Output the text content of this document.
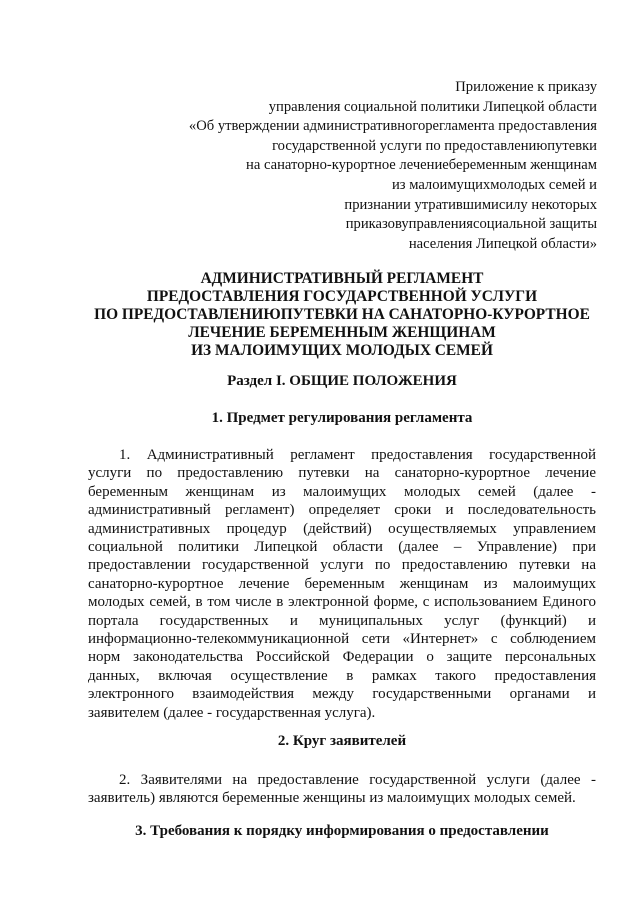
Приложение к приказу
управления социальной политики Липецкой области
«Об утверждении административногорегламента предоставления
государственной услуги по предоставлениюпутевки
на санаторно-курортное лечениебеременным женщинам
из малоимущихмолодых семей и
признании утратившимисилу некоторых
приказовуправлениясоциальной защиты
населения Липецкой области»
АДМИНИСТРАТИВНЫЙ РЕГЛАМЕНТ
ПРЕДОСТАВЛЕНИЯ ГОСУДАРСТВЕННОЙ УСЛУГИ
ПО ПРЕДОСТАВЛЕНИЮПУТЕВКИ НА САНАТОРНО-КУРОРТНОЕ
ЛЕЧЕНИЕ БЕРЕМЕННЫМ ЖЕНЩИНАМ
ИЗ МАЛОИМУЩИХ МОЛОДЫХ СЕМЕЙ
Раздел I. ОБЩИЕ ПОЛОЖЕНИЯ
1. Предмет регулирования регламента
1. Административный регламент предоставления государственной
услуги по предоставлению путевки на санаторно-курортное лечение
беременным женщинам из малоимущих молодых семей (далее -
административный регламент) определяет сроки и последовательность
административных процедур (действий) осуществляемых управлением
социальной политики Липецкой области (далее – Управление) при
предоставлении государственной услуги по предоставлению путевки на
санаторно-курортное лечение беременным женщинам из малоимущих
молодых семей, в том числе в электронной форме, с использованием Единого
портала государственных и муниципальных услуг (функций) и
информационно-телекоммуникационной сети «Интернет» с соблюдением
норм законодательства Российской Федерации о защите персональных
данных, включая осуществление в рамках такого предоставления
электронного взаимодействия между государственными органами и
заявителем (далее - государственная услуга).
2. Круг заявителей
2. Заявителями на предоставление государственной услуги (далее -
заявитель) являются беременные женщины из малоимущих молодых семей.
3. Требования к порядку информирования о предоставлении
